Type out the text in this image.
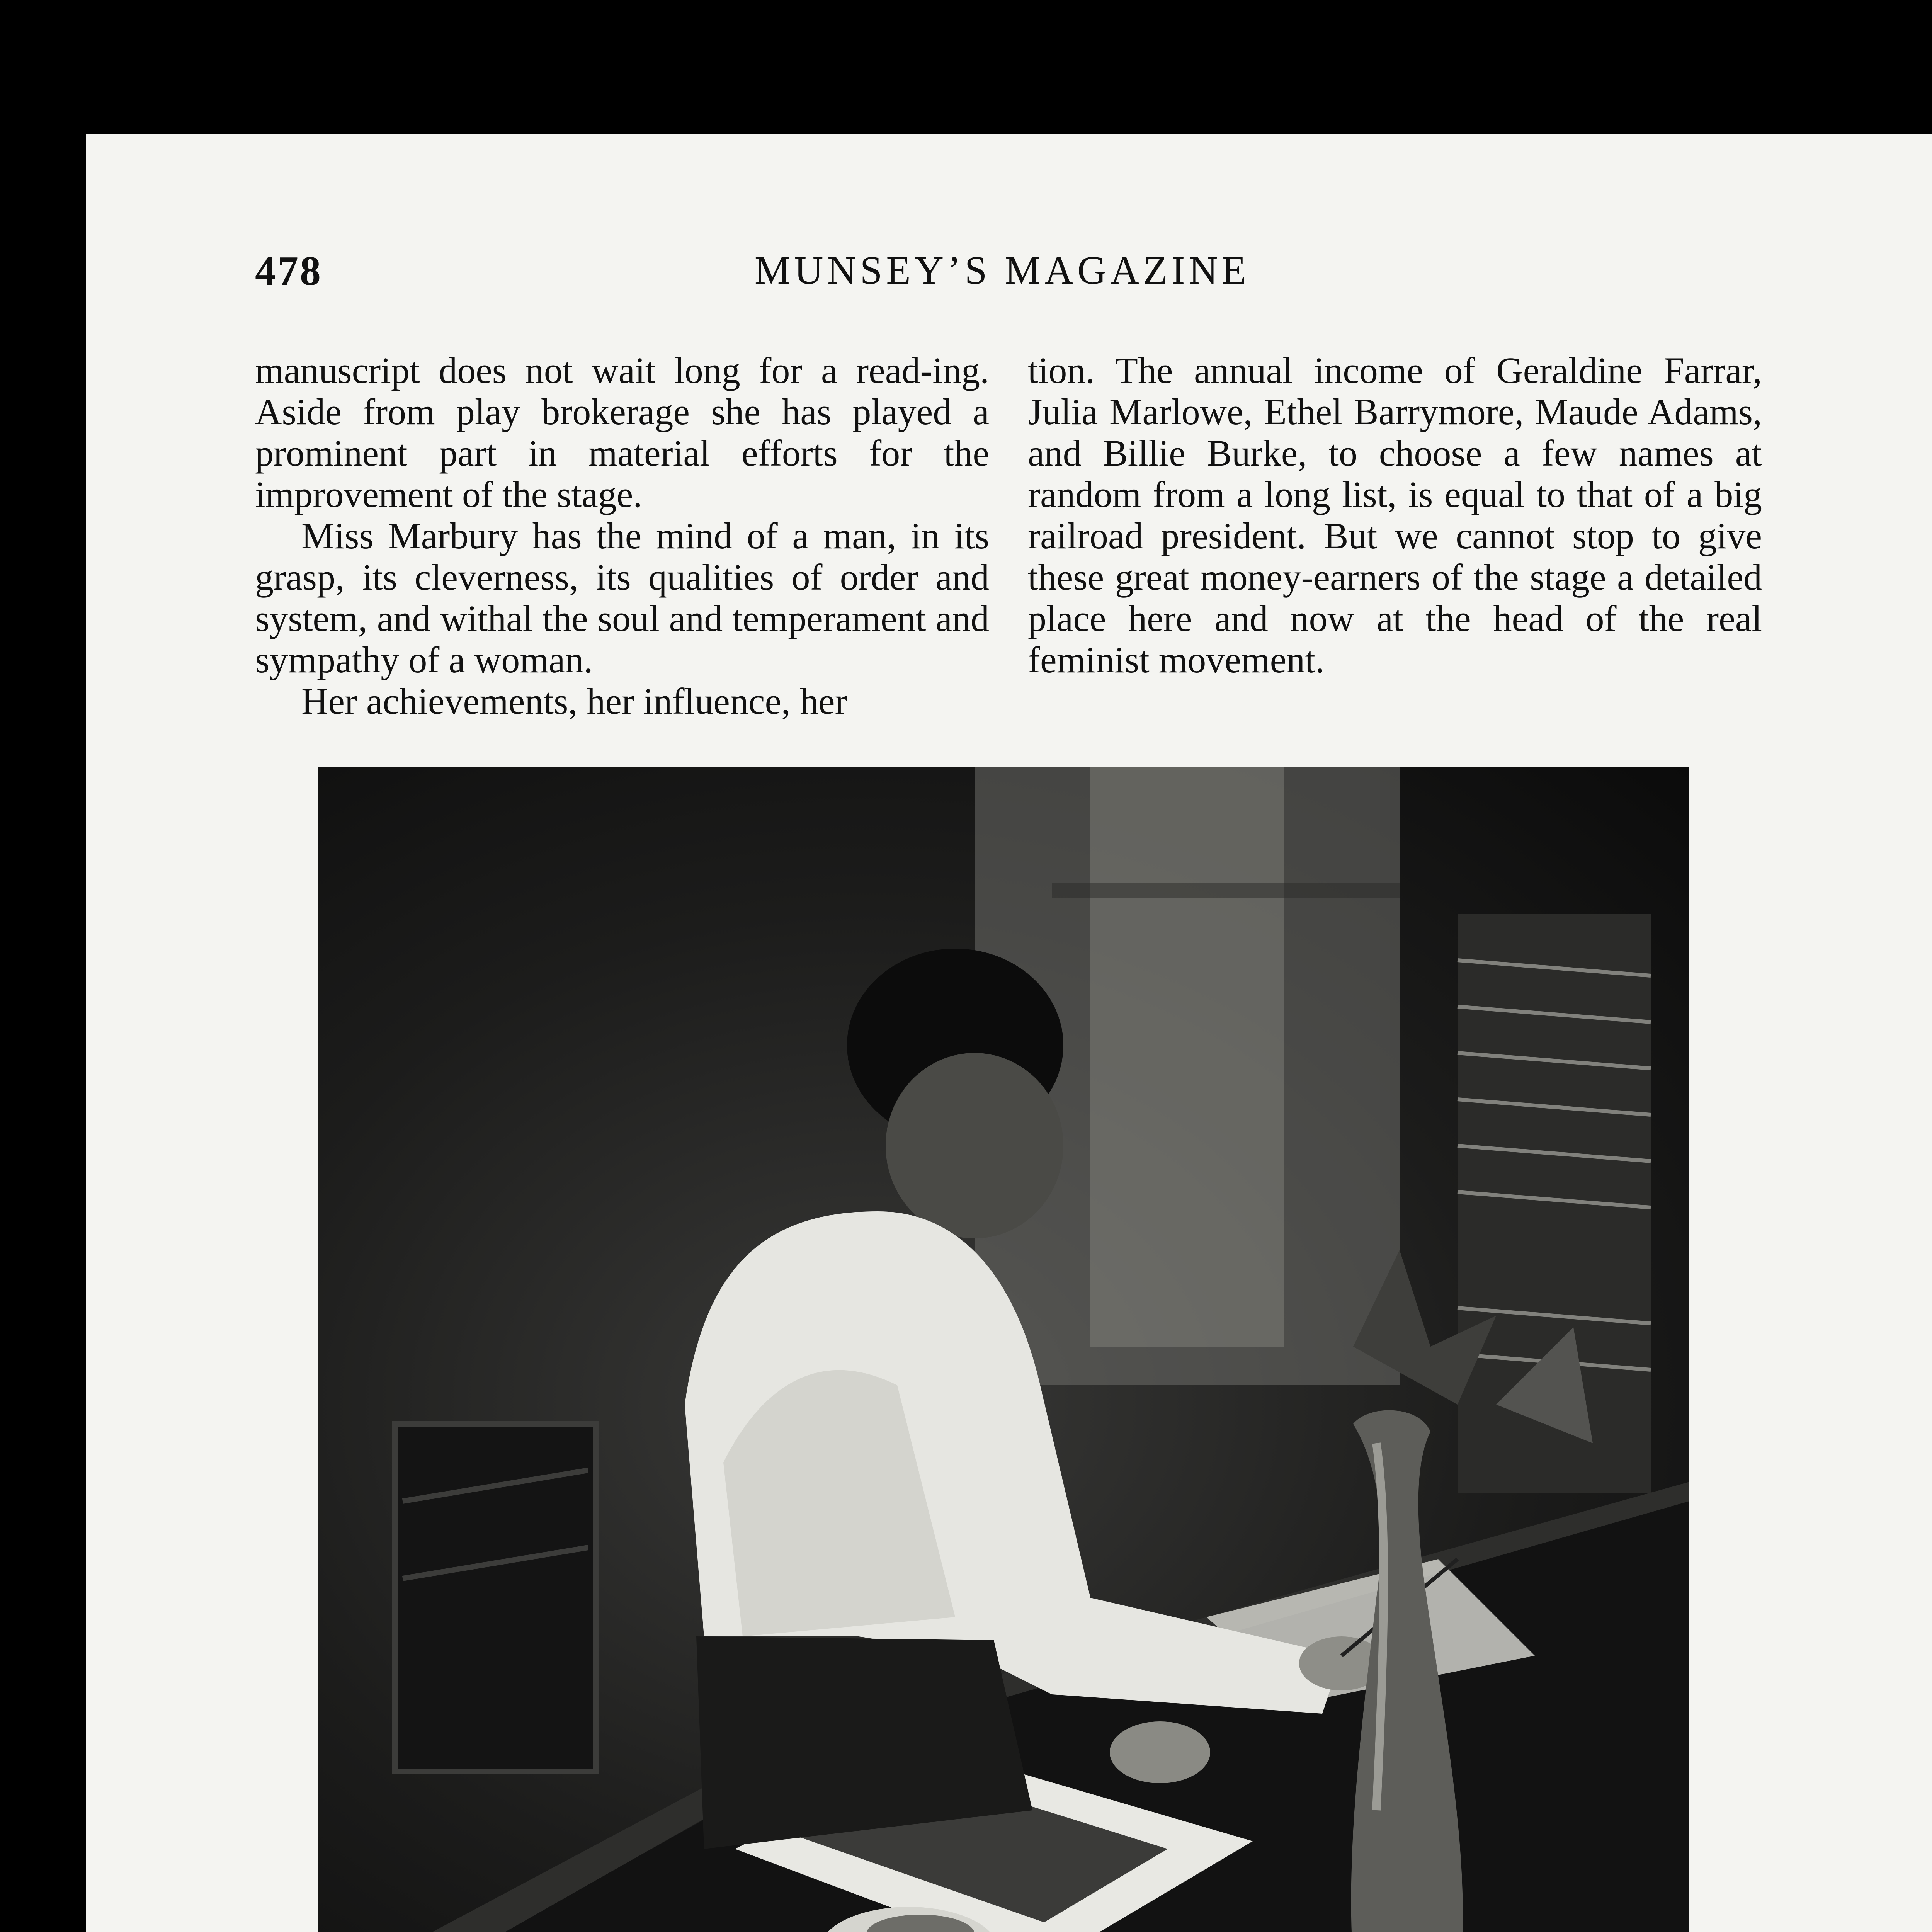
478	MUNSEY’S MAGAZINE

manuscript does not wait long for a read-ing. Aside from play brokerage she has played a prominent part in material efforts for the improvement of the stage.

Miss Marbury has the mind of a man, in its grasp, its cleverness, its qualities of order and system, and withal the soul and temperament and sympathy of a woman.

Her achievements, her influence, her

tion. The annual income of Geraldine Farrar, Julia Marlowe, Ethel Barrymore, Maude Adams, and Billie Burke, to choose a few names at random from a long list, is equal to that of a big railroad president. But we cannot stop to give these great money-earners of the stage a detailed place here and now at the head of the real feminist movement.
